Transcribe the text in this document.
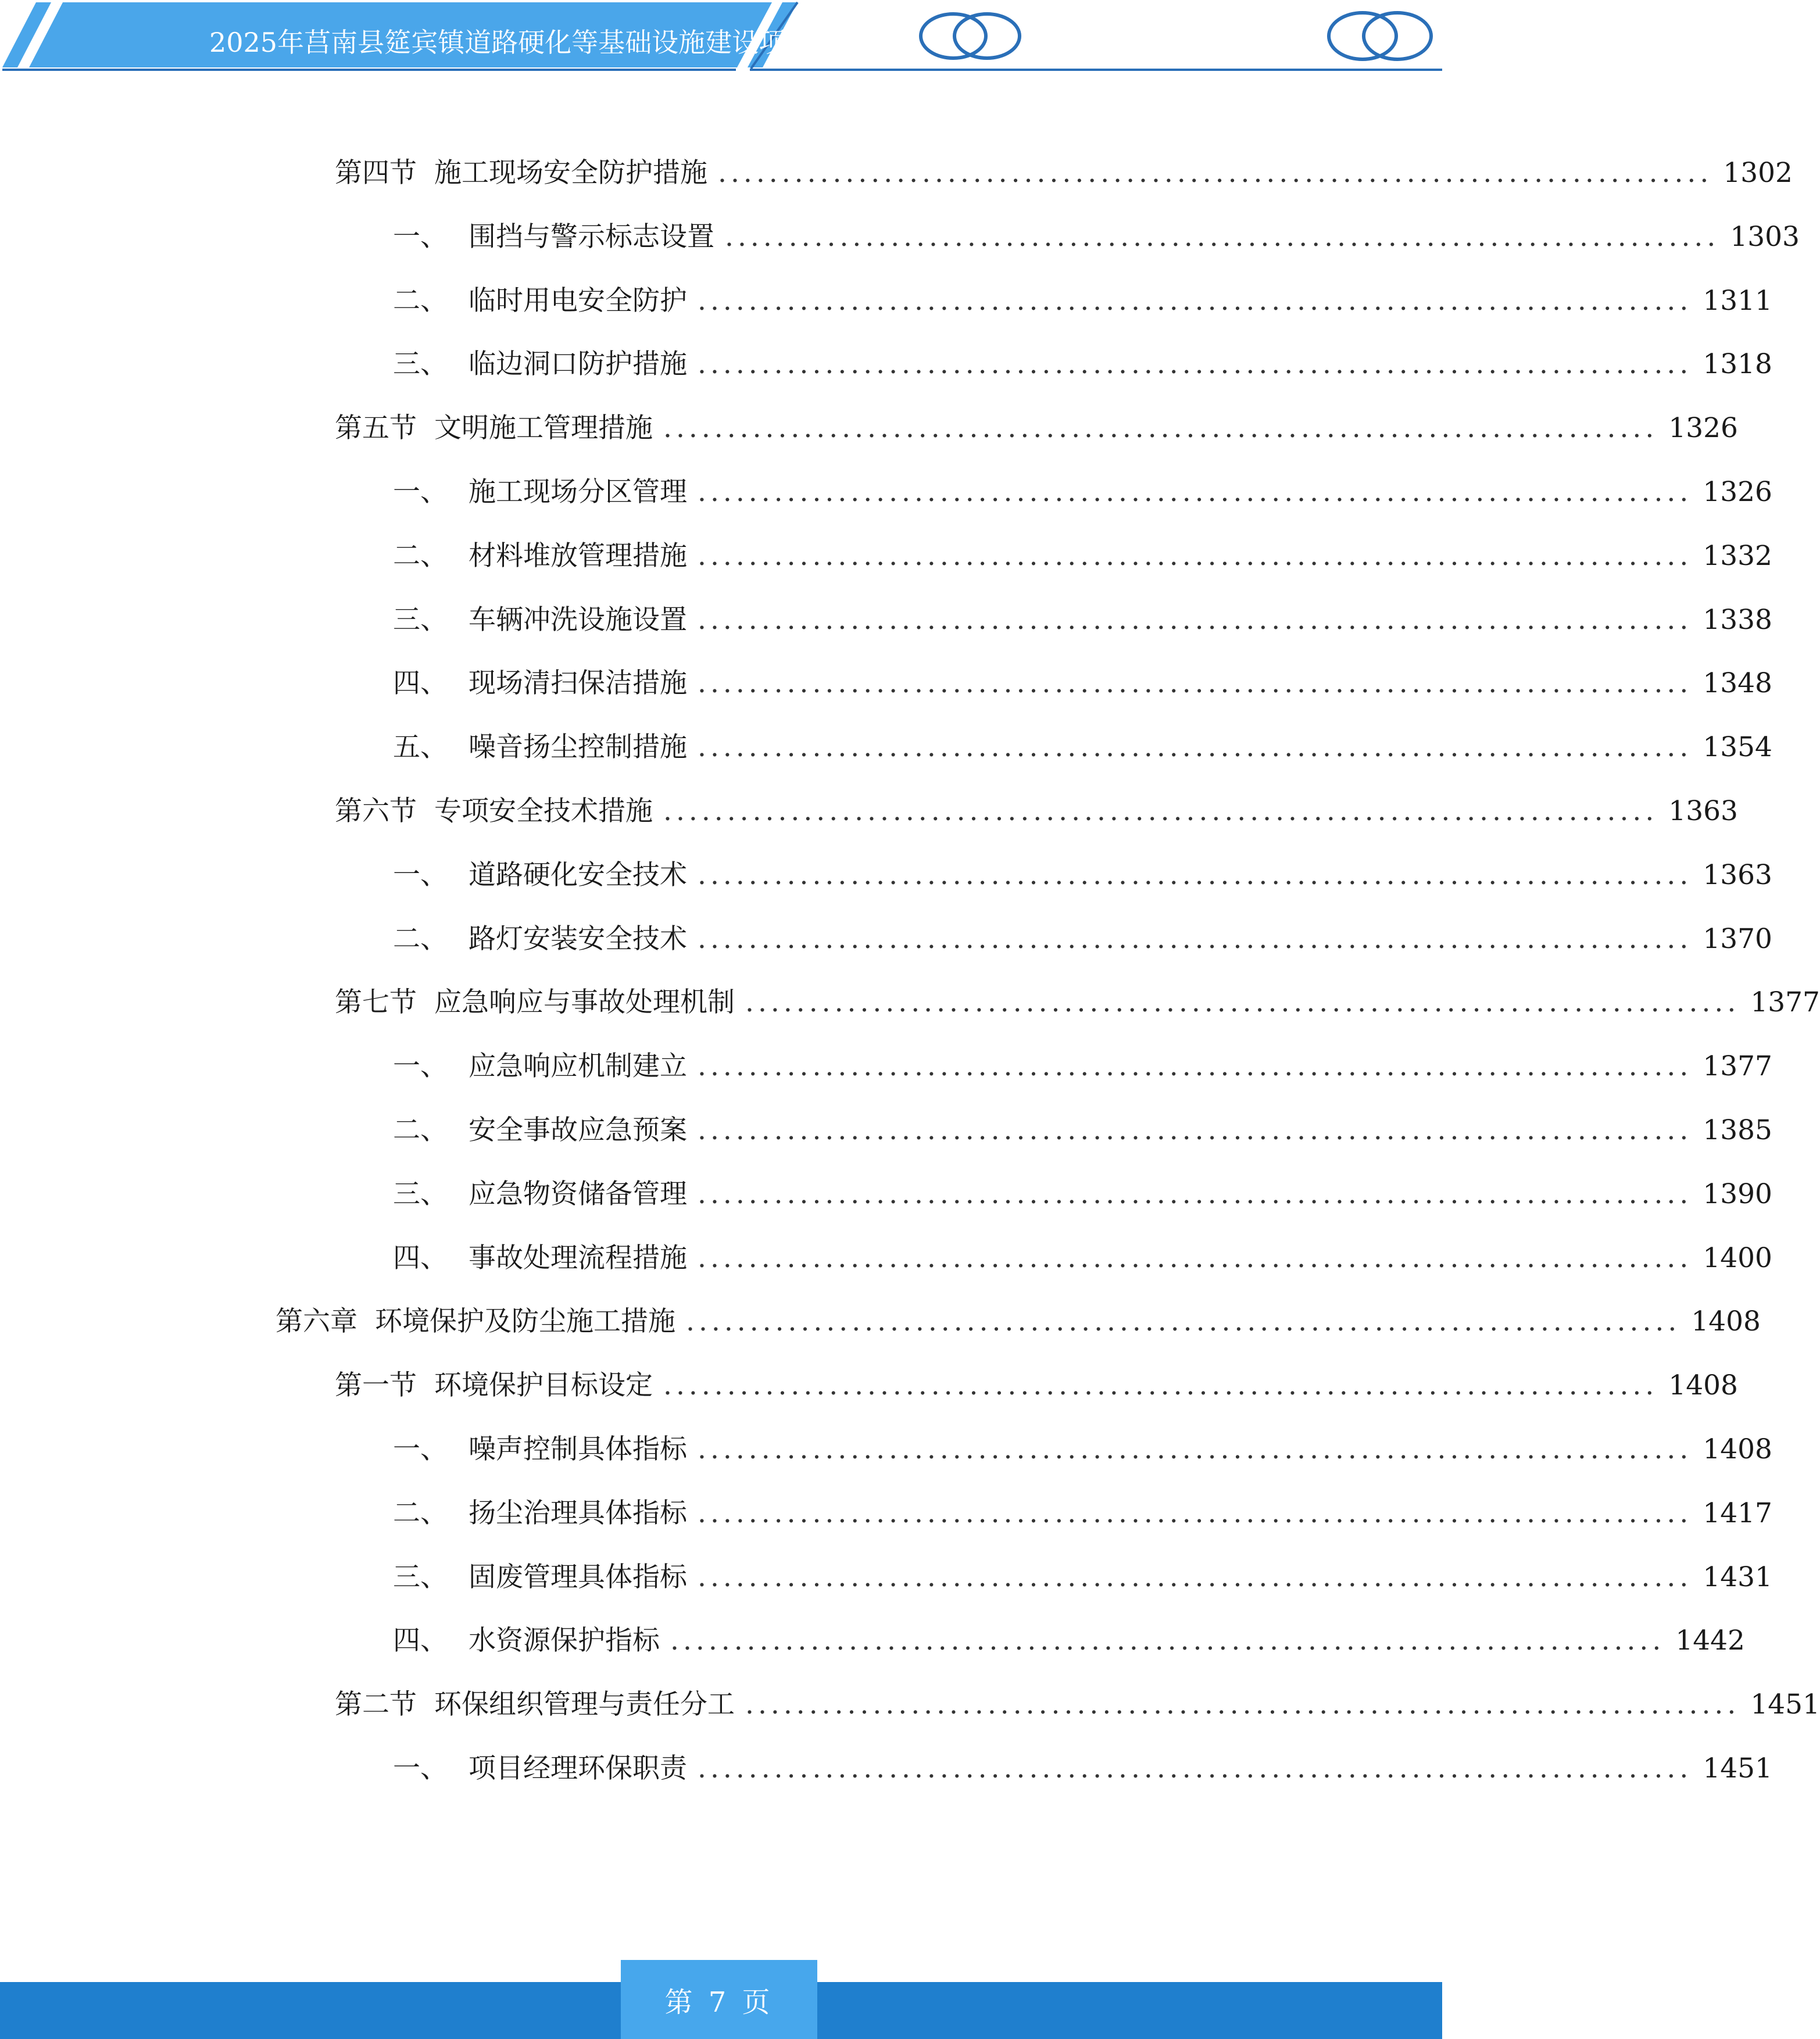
2025年莒南县筵宾镇道路硬化等基础设施建设项目
第四节 施工现场安全防护措施 .............................................................................. 1302
一、 围挡与警示标志设置 .............................................................................. 1303
二、 临时用电安全防护 .............................................................................. 1311
三、 临边洞口防护措施 .............................................................................. 1318
第五节 文明施工管理措施 .............................................................................. 1326
一、 施工现场分区管理 .............................................................................. 1326
二、 材料堆放管理措施 .............................................................................. 1332
三、 车辆冲洗设施设置 .............................................................................. 1338
四、 现场清扫保洁措施 .............................................................................. 1348
五、 噪音扬尘控制措施 .............................................................................. 1354
第六节 专项安全技术措施 .............................................................................. 1363
一、 道路硬化安全技术 .............................................................................. 1363
二、 路灯安装安全技术 .............................................................................. 1370
第七节 应急响应与事故处理机制 .............................................................................. 1377
一、 应急响应机制建立 .............................................................................. 1377
二、 安全事故应急预案 .............................................................................. 1385
三、 应急物资储备管理 .............................................................................. 1390
四、 事故处理流程措施 .............................................................................. 1400
第六章 环境保护及防尘施工措施 .............................................................................. 1408
第一节 环境保护目标设定 .............................................................................. 1408
一、 噪声控制具体指标 .............................................................................. 1408
二、 扬尘治理具体指标 .............................................................................. 1417
三、 固废管理具体指标 .............................................................................. 1431
四、 水资源保护指标 .............................................................................. 1442
第二节 环保组织管理与责任分工 .............................................................................. 1451
一、 项目经理环保职责 .............................................................................. 1451
第 7 页
